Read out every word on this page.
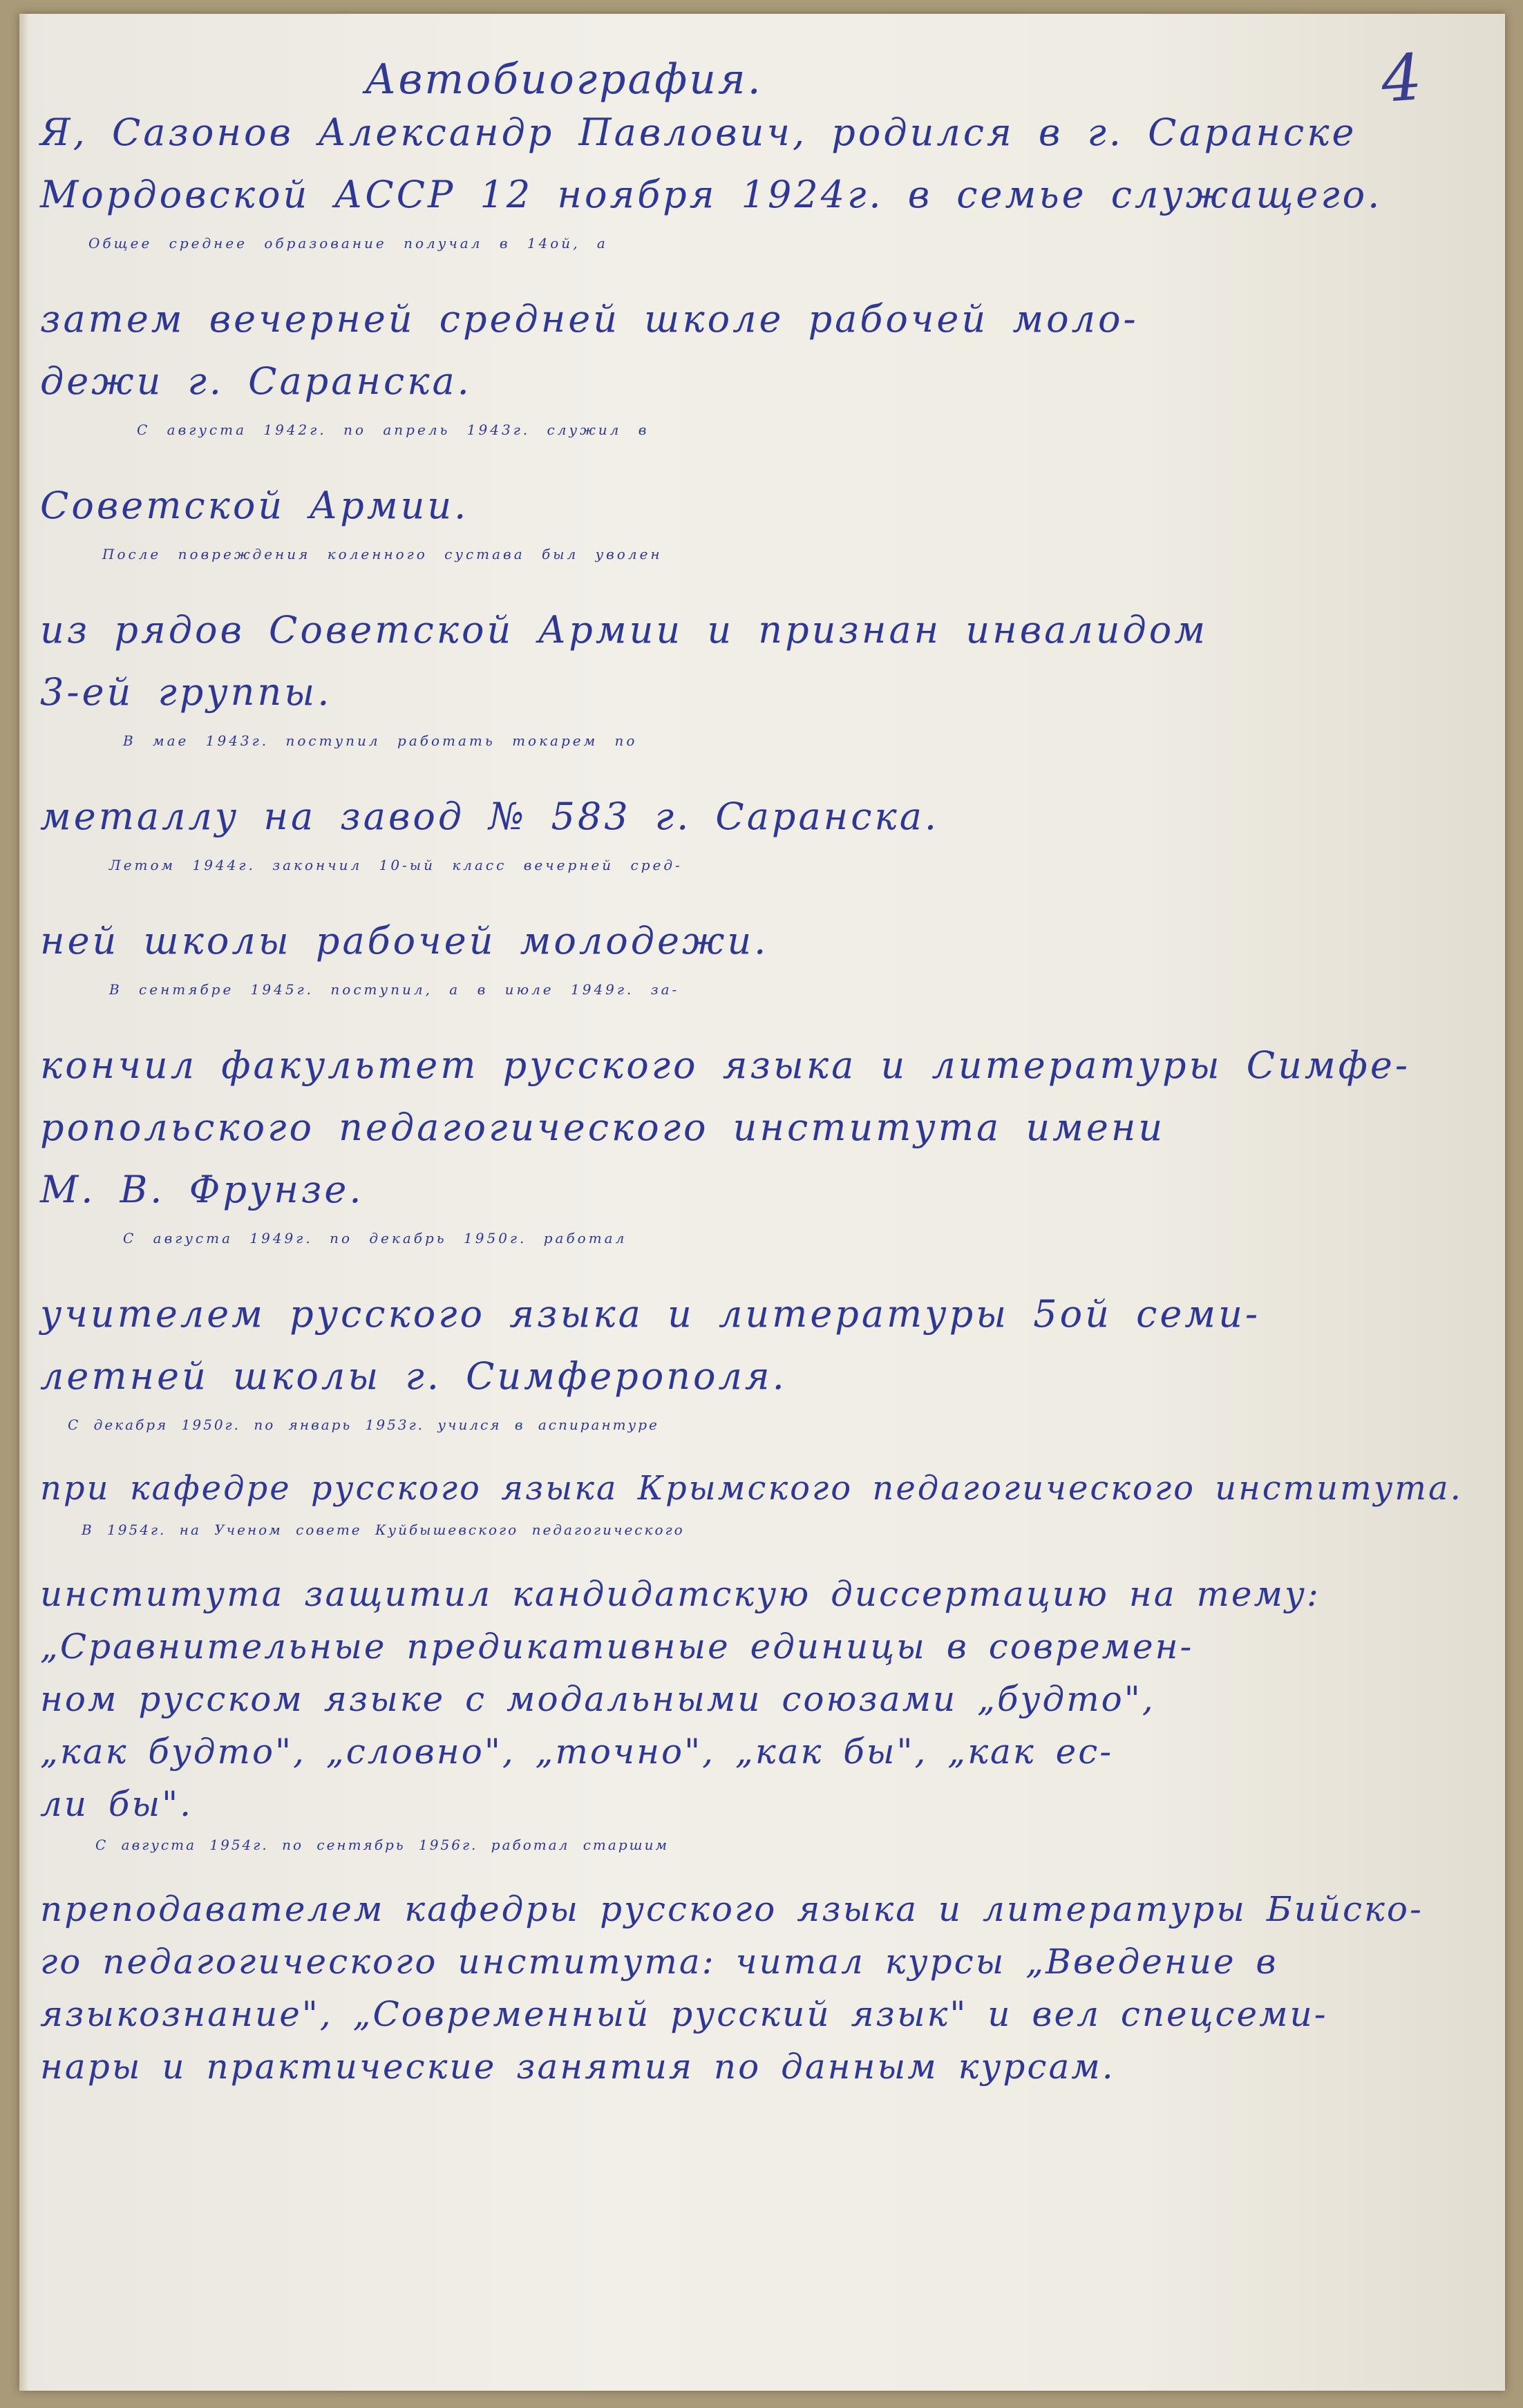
4
Автобиография.
Я, Сазонов Александр Павлович, родился в г. Саранске
Мордовской АССР 12 ноября 1924г. в семье служащего.
Общее среднее образование получал в 14ой, а
затем вечерней средней школе рабочей моло-
дежи г. Саранска.
С августа 1942г. по апрель 1943г. служил в
Советской Армии.
После повреждения коленного сустава был уволен
из рядов Советской Армии и признан инвалидом
3-ей группы.
В мае 1943г. поступил работать токарем по
металлу на завод № 583 г. Саранска.
Летом 1944г. закончил 10-ый класс вечерней сред-
ней школы рабочей молодежи.
В сентябре 1945г. поступил, а в июле 1949г. за-
кончил факультет русского языка и литературы Симфе-
ропольского педагогического института имени
М. В. Фрунзе.
С августа 1949г. по декабрь 1950г. работал
учителем русского языка и литературы 5ой семи-
летней школы г. Симферополя.
С декабря 1950г. по январь 1953г. учился в аспирантуре
при кафедре русского языка Крымского педагогического института.
В 1954г. на Ученом совете Куйбышевского педагогического
института защитил кандидатскую диссертацию на тему:
„Сравнительные предикативные единицы в современ-
ном русском языке с модальными союзами „будто",
„как будто", „словно", „точно", „как бы", „как ес-
ли бы".
С августа 1954г. по сентябрь 1956г. работал старшим
преподавателем кафедры русского языка и литературы Бийско-
го педагогического института: читал курсы „Введение в
языкознание", „Современный русский язык" и вел спецсеми-
нары и практические занятия по данным курсам.
